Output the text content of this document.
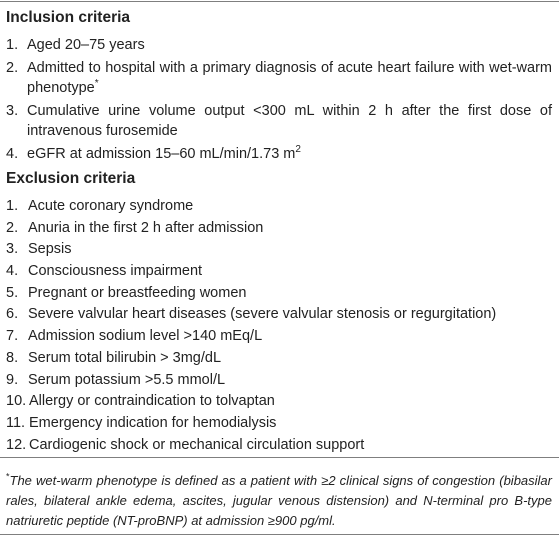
Inclusion criteria
1. Aged 20–75 years
2. Admitted to hospital with a primary diagnosis of acute heart failure with wet-warm phenotype*
3. Cumulative urine volume output <300 mL within 2 h after the first dose of intravenous furosemide
4. eGFR at admission 15–60 mL/min/1.73 $m^2$
Exclusion criteria
1. Acute coronary syndrome
2. Anuria in the first 2 h after admission
3. Sepsis
4. Consciousness impairment
5. Pregnant or breastfeeding women
6. Severe valvular heart diseases (severe valvular stenosis or regurgitation)
7. Admission sodium level >140 mEq/L
8. Serum total bilirubin > 3mg/dL
9. Serum potassium >5.5 mmol/L
10. Allergy or contraindication to tolvaptan
11. Emergency indication for hemodialysis
12. Cardiogenic shock or mechanical circulation support
*The wet-warm phenotype is defined as a patient with ≥2 clinical signs of congestion (bibasilar rales, bilateral ankle edema, ascites, jugular venous distension) and N-terminal pro B-type natriuretic peptide (NT-proBNP) at admission ≥900 pg/ml.
